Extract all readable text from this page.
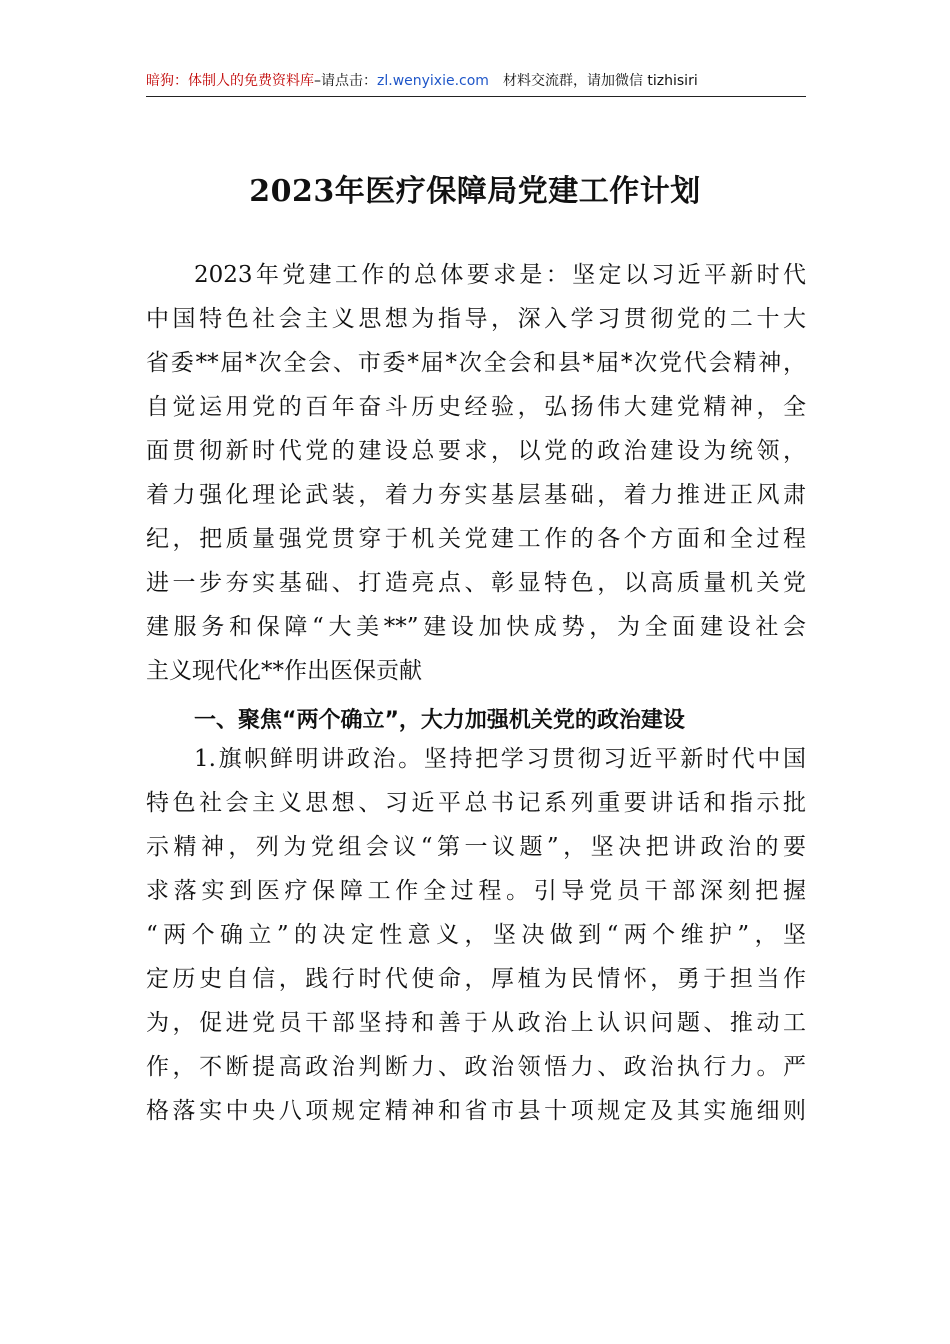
暗狗：体制人的免费资料库–请点击：zl.wenyixie.com 材料交流群，请加微信 tizhisiri
2023年医疗保障局党建工作计划
2023年党建工作的总体要求是：坚定以习近平新时代
中国特色社会主义思想为指导，深入学习贯彻党的二十大
省委**届*次全会、市委*届*次全会和县*届*次党代会精神，
自觉运用党的百年奋斗历史经验，弘扬伟大建党精神，全
面贯彻新时代党的建设总要求，以党的政治建设为统领，
着力强化理论武装，着力夯实基层基础，着力推进正风肃
纪，把质量强党贯穿于机关党建工作的各个方面和全过程
进一步夯实基础、打造亮点、彰显特色，以高质量机关党
建服务和保障“大美**”建设加快成势，为全面建设社会
主义现代化**作出医保贡献
一、聚焦“两个确立”，大力加强机关党的政治建设
1.旗帜鲜明讲政治。坚持把学习贯彻习近平新时代中国
特色社会主义思想、习近平总书记系列重要讲话和指示批
示精神，列为党组会议“第一议题”，坚决把讲政治的要
求落实到医疗保障工作全过程。引导党员干部深刻把握
“两个确立”的决定性意义，坚决做到“两个维护”，坚
定历史自信，践行时代使命，厚植为民情怀，勇于担当作
为，促进党员干部坚持和善于从政治上认识问题、推动工
作，不断提高政治判断力、政治领悟力、政治执行力。严
格落实中央八项规定精神和省市县十项规定及其实施细则
